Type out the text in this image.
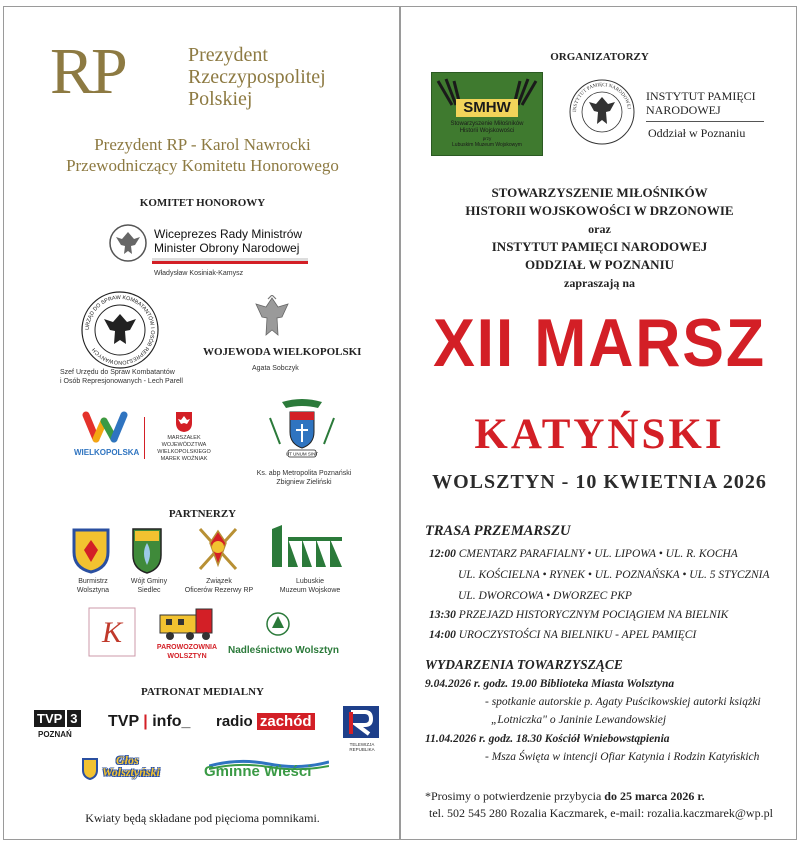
RP	Prezydent
Rzeczypospolitej
Polskiej
Prezydent RP - Karol Nawrocki
Przewodniczący Komitetu Honorowego
KOMITET HONOROWY
Wiceprezes Rady Ministrów
Minister Obrony Narodowej
Władysław Kosiniak-Kamysz
URZĄD DO SPRAW KOMBATANTÓW I OSÓB REPRESJONOWANYCH
Szef Urzędu do Spraw Kombatantów
i Osób Represjonowanych - Lech Parell
WOJEWODA WIELKOPOLSKI
Agata Sobczyk
WIELKOPOLSKA
MARSZAŁEK
WOJEWÓDZTWA
WIELKOPOLSKIEGO
MAREK WOŹNIAK
UT UNUM SINT
Ks. abp Metropolita Poznański
Zbigniew Zieliński
PARTNERZY
Burmistrz
Wolsztyna
Wójt Gminy
Siedlec
Związek
Oficerów Rezerwy RP
Lubuskie
Muzeum Wojskowe
K	PAROWOZOWNIA
WOLSZTYN
Nadleśnictwo Wolsztyn
PATRONAT MEDIALNY
TVP 3
POZNAŃ
TVP | info_ radio zachód
TELEWIZJA REPUBLIKA
Głos
Wolsztyński	Gminne Wieści
Kwiaty będą składane pod pięcioma pomnikami.
ORGANIZATORZY
SMHW
Stowarzyszenie Miłośników
Historii Wojskowości
przy
Lubuskim Muzeum Wojskowym
INSTYTUT PAMIĘCI NARODOWEJ
INSTYTUT PAMIĘCI
NARODOWEJ
Oddział w Poznaniu
STOWARZYSZENIE MIŁOŚNIKÓW
HISTORII WOJSKOWOŚCI W DRZONOWIE
oraz
INSTYTUT PAMIĘCI NARODOWEJ
ODDZIAŁ W POZNANIU
zapraszają na
XII MARSZ
KATYŃSKI
WOLSZTYN - 10 KWIETNIA 2026
TRASA PRZEMARSZU
12:00 CMENTARZ PARAFIALNY • UL. LIPOWA • UL. R. KOCHA
UL. KOŚCIELNA • RYNEK • UL. POZNAŃSKA • UL. 5 STYCZNIA
UL. DWORCOWA • DWORZEC PKP
13:30 PRZEJAZD HISTORYCZNYM POCIĄGIEM NA BIELNIK
14:00 UROCZYSTOŚCI NA BIELNIKU - APEL PAMIĘCI
WYDARZENIA TOWARZYSZĄCE
9.04.2026 r. godz. 19.00 Biblioteka Miasta Wolsztyna
- spotkanie autorskie p. Agaty Puścikowskiej autorki książki
„Lotniczka" o Janinie Lewandowskiej
11.04.2026 r. godz. 18.30 Kościół Wniebowstąpienia
- Msza Święta w intencji Ofiar Katynia i Rodzin Katyńskich
*Prosimy o potwierdzenie przybycia do 25 marca 2026 r.
tel. 502 545 280 Rozalia Kaczmarek, e-mail: rozalia.kaczmarek@wp.pl
